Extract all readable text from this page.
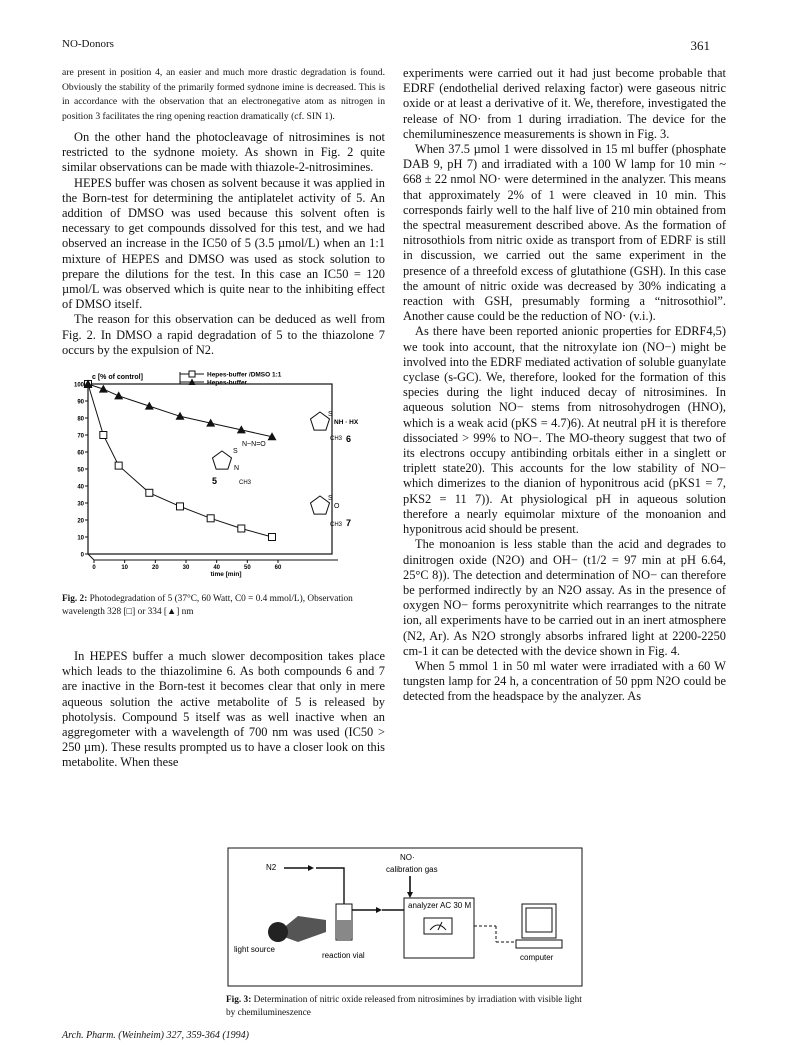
NO-Donors	361

are present in position 4, an easier and much more drastic degradation is found. Obviously the stability of the primarily formed sydnone imine is decreased. This is in accordance with the observation that an electronegative atom as nitrogen in position 3 facilitates the ring opening reaction dramatically (cf. SIN 1).

On the other hand the photocleavage of nitrosimines is not restricted to the sydnone moiety. As shown in Fig. 2 quite similar observations can be made with thiazole-2-nitrosimines.

HEPES buffer was chosen as solvent because it was applied in the Born-test for determining the antiplatelet activity of 5. An addition of DMSO was used because this solvent often is necessary to get compounds dissolved for this test, and we had observed an increase in the IC50 of 5 (3.5 µmol/L) when an 1:1 mixture of HEPES and DMSO was used as stock solution to prepare the dilutions for the test. In this case an IC50 = 120 µmol/L was observed which is quite near to the inhibiting effect of DMSO itself.

The reason for this observation can be deduced as well from Fig. 2. In DMSO a rapid degradation of 5 to the thiazolone 7 occurs by the expulsion of N2.

0
10
20
30
40
50
60
70
80
90
100
0	10	20	30	40	50	60
time [min]
c [% of control]	Hepes-buffer /DMSO 1:1
Hepes-buffer
S
N
N~N=O
CH3
5
S
NH · HX
CH3 6
S
O
CH3 7

Fig. 2: Photodegradation of 5 (37°C, 60 Watt, C0 = 0.4 mmol/L), Observation wavelength 328 [□] or 334 [▲] nm

In HEPES buffer a much slower decomposition takes place which leads to the thiazolimine 6. As both compounds 6 and 7 are inactive in the Born-test it becomes clear that only in mere aqueous solution the active metabolite of 5 is released by photolysis. Compound 5 itself was as well inactive when an aggregometer with a wavelength of 700 nm was used (IC50 > 250 µm). These results prompted us to have a closer look on this metabolite. When these

experiments were carried out it had just become probable that EDRF (endothelial derived relaxing factor) were gaseous nitric oxide or at least a derivative of it. We, therefore, investigated the release of NO· from 1 during irradiation. The device for the chemilumineszence measurements is shown in Fig. 3.

When 37.5 µmol 1 were dissolved in 15 ml buffer (phosphate DAB 9, pH 7) and irradiated with a 100 W lamp for 10 min ~ 668 ± 22 nmol NO· were determined in the analyzer. This means that approximately 2% of 1 were cleaved in 10 min. This corresponds fairly well to the half live of 210 min obtained from the spectral measurement described above. As the formation of nitrosothiols from nitric oxide as transport from of EDRF is still in discussion, we carried out the same experiment in the presence of a threefold excess of glutathione (GSH). In this case the amount of nitric oxide was decreased by 30% indicating a reaction with GSH, presumably forming a “nitrosothiol”. Another cause could be the reduction of NO· (v.i.).

As there have been reported anionic properties for EDRF4,5) we took into account, that the nitroxylate ion (NO−) might be involved into the EDRF mediated activation of soluble guanylate cyclase (s-GC). We, therefore, looked for the formation of this species during the light induced decay of nitrosimines. In aqueous solution NO− stems from nitrosohydrogen (HNO), which is a weak acid (pKS = 4.7)6). At neutral pH it is therefore dissociated > 99% to NO−. The MO-theory suggest that two of its electrons occupy antibinding orbitals either in a singlett or triplett state20). This accounts for the low stability of NO− which dimerizes to the dianion of hyponitrous acid (pKS1 = 7, pKS2 = 11 7)). At physiological pH in aqueous solution therefore a nearly equimolar mixture of the monoanion and hyponitrous acid should be present.

The monoanion is less stable than the acid and degrades to dinitrogen oxide (N2O) and OH− (t1/2 = 97 min at pH 6.64, 25°C 8)). The detection and determination of NO− can therefore be performed indirectly by an N2O assay. As in the presence of oxygen NO− forms peroxynitrite which rearranges to the nitrate ion, all experiments have to be carried out in an inert atmosphere (N2, Ar). As N2O strongly absorbs infrared light at 2200-2250 cm-1 it can be detected with the device shown in Fig. 4.

When 5 mmol 1 in 50 ml water were irradiated with a 60 W tungsten lamp for 24 h, a concentration of 50 ppm N2O could be detected from the headspace by the analyzer. As

N2
light source
reaction vial
NO·
calibration gas
analyzer AC 30 M
computer

Fig. 3: Determination of nitric oxide released from nitrosimines by irradiation with visible light by chemilumineszence

Arch. Pharm. (Weinheim) 327, 359-364 (1994)
